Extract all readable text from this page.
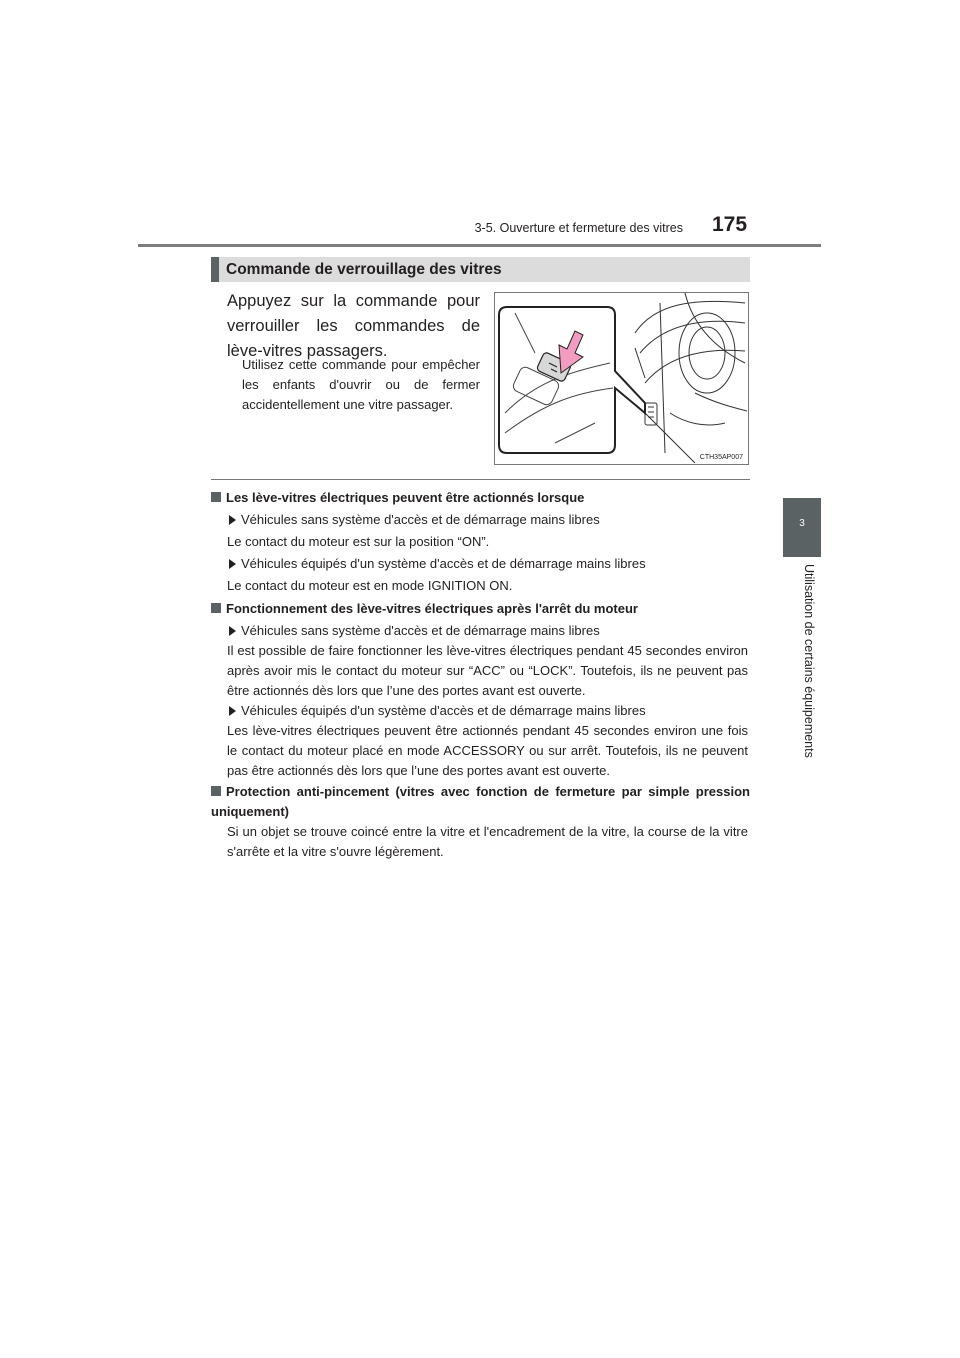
3-5. Ouverture et fermeture des vitres 175
3
Utilisation de certains équipements
Commande de verrouillage des vitres

Appuyez sur la commande pour verrouiller les commandes de lève-vitres passagers.

Utilisez cette commande pour empêcher les enfants d'ouvrir ou de fermer accidentellement une vitre passager.

CTH35AP007
Les lève-vitres électriques peuvent être actionnés lorsque
Véhicules sans système d'accès et de démarrage mains libres
Le contact du moteur est sur la position “ON”.
Véhicules équipés d'un système d'accès et de démarrage mains libres
Le contact du moteur est en mode IGNITION ON.
Fonctionnement des lève-vitres électriques après l'arrêt du moteur
Véhicules sans système d'accès et de démarrage mains libres
Il est possible de faire fonctionner les lève-vitres électriques pendant 45 secondes environ après avoir mis le contact du moteur sur “ACC” ou “LOCK”. Toutefois, ils ne peuvent pas être actionnés dès lors que l’une des portes avant est ouverte.
Véhicules équipés d'un système d'accès et de démarrage mains libres
Les lève-vitres électriques peuvent être actionnés pendant 45 secondes environ une fois le contact du moteur placé en mode ACCESSORY ou sur arrêt. Toutefois, ils ne peuvent pas être actionnés dès lors que l’une des portes avant est ouverte.
Protection anti-pincement (vitres avec fonction de fermeture par simple pression uniquement)
Si un objet se trouve coincé entre la vitre et l'encadrement de la vitre, la course de la vitre s'arrête et la vitre s'ouvre légèrement.
